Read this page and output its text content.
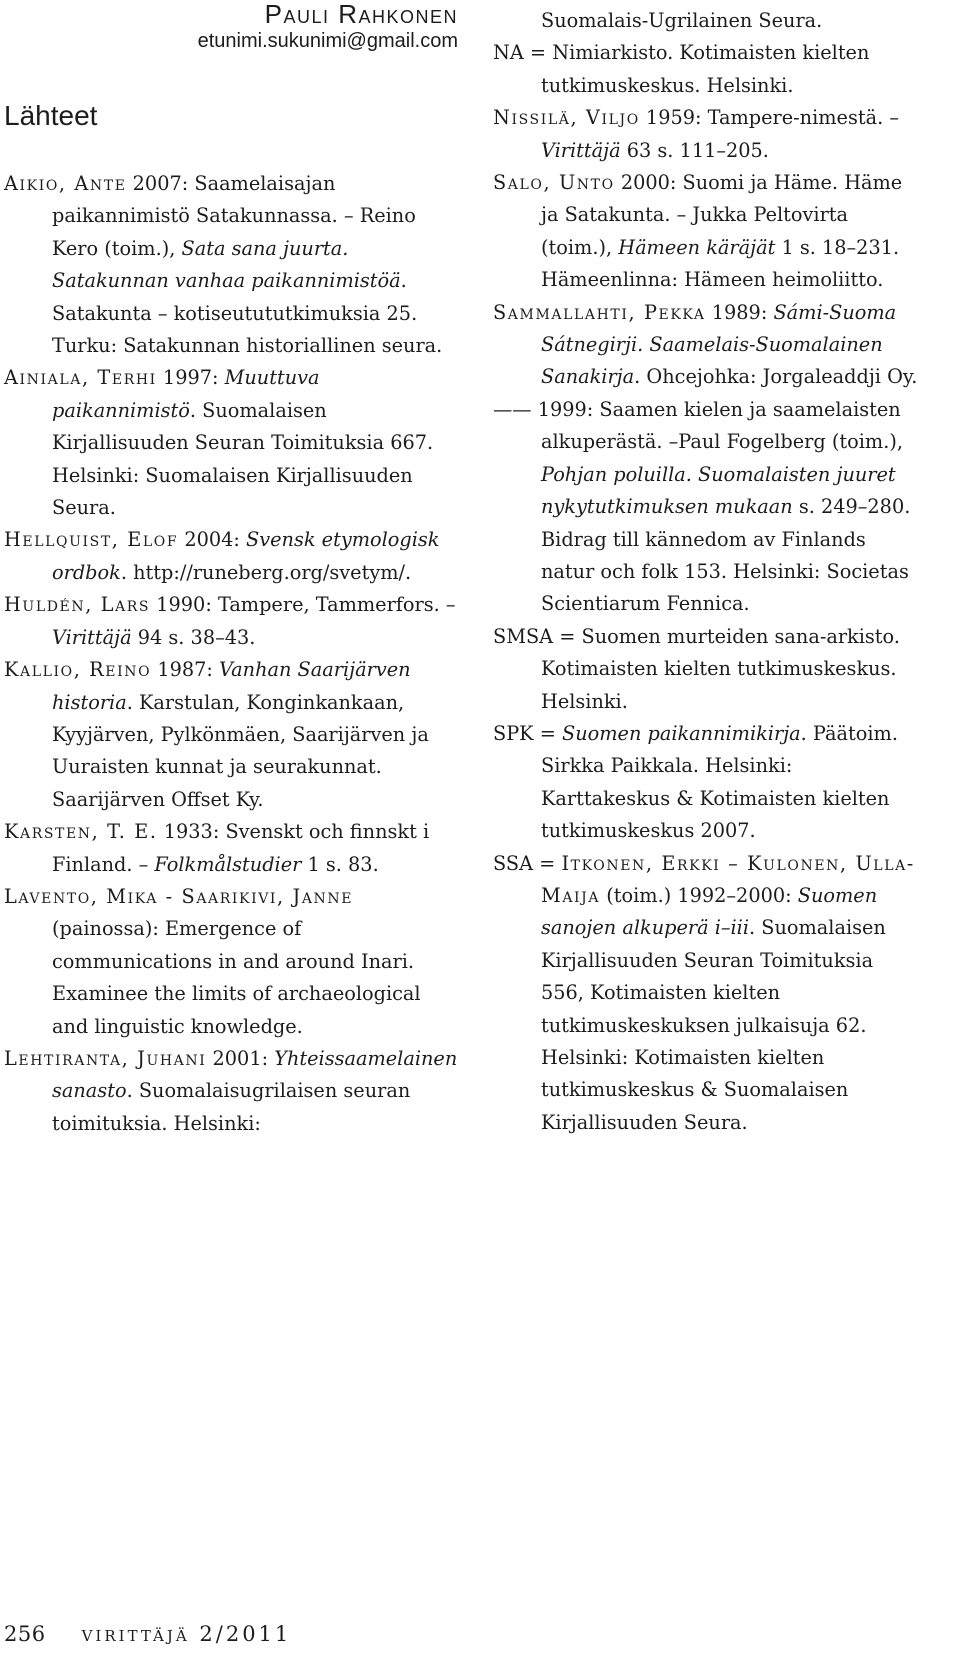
Pauli Rahkonen
etunimi.sukunimi@gmail.com
Lähteet

Aikio, Ante 2007: Saamelaisajan paikannimistö Satakunnassa. – Reino Kero (toim.), Sata sana juurta. Satakunnan vanhaa paikannimistöä. Satakunta – kotiseutututkimuksia 25. Turku: Satakunnan historiallinen seura.

Ainiala, Terhi 1997: Muuttuva paikannimistö. Suomalaisen Kirjallisuuden Seuran Toimituksia 667. Helsinki: Suomalaisen Kirjallisuuden Seura.

Hellquist, Elof 2004: Svensk etymologisk ordbok. http://runeberg.org/svetym/.

Huldén, Lars 1990: Tampere, Tammerfors. – Virittäjä 94 s. 38–43.

Kallio, Reino 1987: Vanhan Saarijärven historia. Karstulan, Konginkankaan, Kyyjärven, Pylkönmäen, Saarijärven ja Uuraisten kunnat ja seurakunnat. Saarijärven Offset Ky.

Karsten, T. E. 1933: Svenskt och finnskt i Finland. – Folkmålstudier 1 s. 83.

Lavento, Mika - Saarikivi, Janne (painossa): Emergence of communications in and around Inari. Examinee the limits of archaeological and linguistic knowledge.

Lehtiranta, Juhani 2001: Yhteissaamelainen sanasto. Suomalaisugrilaisen seuran toimituksia. Helsinki:

Suomalais-Ugrilainen Seura.

NA = Nimiarkisto. Kotimaisten kielten tutkimuskeskus. Helsinki.

Nissilä, Viljo 1959: Tampere-nimestä. – Virittäjä 63 s. 111–205.

Salo, Unto 2000: Suomi ja Häme. Häme ja Satakunta. – Jukka Peltovirta (toim.), Hämeen käräjät 1 s. 18–231. Hämeenlinna: Hämeen heimoliitto.

Sammallahti, Pekka 1989: Sámi-Suoma Sátnegirji. Saamelais-Suomalainen Sanakirja. Ohcejohka: Jorgaleaddji Oy.

—— 1999: Saamen kielen ja saamelaisten alkuperästä. –Paul Fogelberg (toim.), Pohjan poluilla. Suomalaisten juuret nykytutkimuksen mukaan s. 249–280. Bidrag till kännedom av Finlands natur och folk 153. Helsinki: Societas Scientiarum Fennica.

SMSA = Suomen murteiden sana-arkisto. Kotimaisten kielten tutkimuskeskus. Helsinki.

SPK = Suomen paikannimikirja. Päätoim. Sirkka Paikkala. Helsinki: Karttakeskus & Kotimaisten kielten tutkimuskeskus 2007.

SSA = Itkonen, Erkki – Kulonen, Ulla-Maija (toim.) 1992–2000: Suomen sanojen alkuperä i–iii. Suomalaisen Kirjallisuuden Seuran Toimituksia 556, Kotimaisten kielten tutkimuskeskuksen julkaisuja 62. Helsinki: Kotimaisten kielten tutkimuskeskus & Suomalaisen Kirjallisuuden Seura.

256 virittäjä 2/2011
